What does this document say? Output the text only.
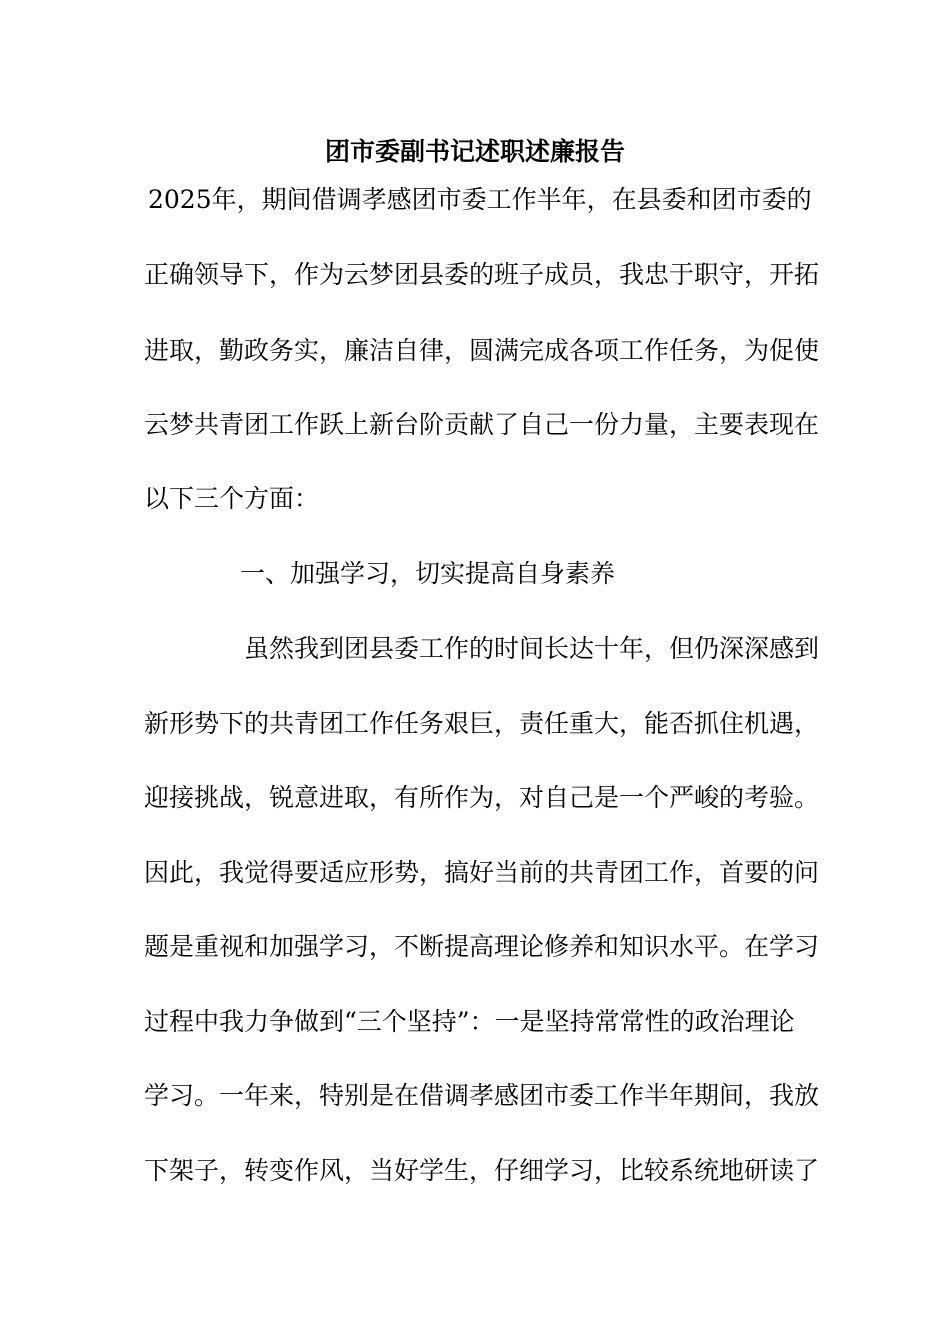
团市委副书记述职述廉报告
2025年，期间借调孝感团市委工作半年，在县委和团市委的
正确领导下，作为云梦团县委的班子成员，我忠于职守，开拓
进取，勤政务实，廉洁自律，圆满完成各项工作任务，为促使
云梦共青团工作跃上新台阶贡献了自己一份力量，主要表现在
以下三个方面：
一、加强学习，切实提高自身素养
虽然我到团县委工作的时间长达十年，但仍深深感到
新形势下的共青团工作任务艰巨，责任重大，能否抓住机遇，
迎接挑战，锐意进取，有所作为，对自己是一个严峻的考验。
因此，我觉得要适应形势，搞好当前的共青团工作，首要的问
题是重视和加强学习，不断提高理论修养和知识水平。在学习
过程中我力争做到“三个坚持”：一是坚持常常性的政治理论
学习。一年来，特别是在借调孝感团市委工作半年期间，我放
下架子，转变作风，当好学生，仔细学习，比较系统地研读了
